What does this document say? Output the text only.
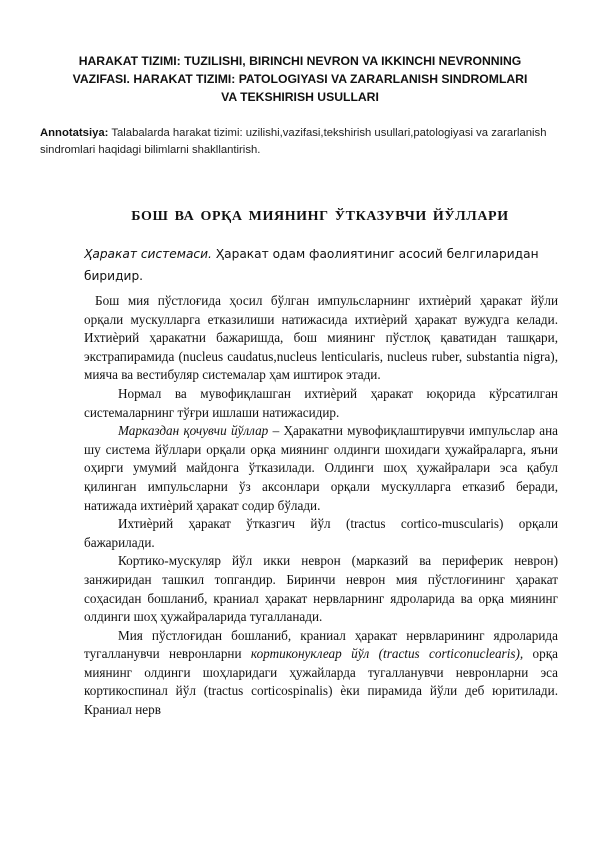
HARAKAT TIZIMI: TUZILISHI, BIRINCHI NEVRON VA IKKINCHI NEVRONNING
VAZIFASI. HARAKAT TIZIMI: PATOLOGIYASI VA ZARARLANISH SINDROMLARI
VA TEKSHIRISH USULLARI
Annotatsiya: Talabalarda harakat tizimi: uzilishi,vazifasi,tekshirish usullari,patologiyasi va zararlanish sindromlari haqidagi bilimlarni shakllantirish.
БОШ ВА ОРҚА МИЯНИНГ ЎТКАЗУВЧИ ЙЎЛЛАРИ
Ҳаракат системаси. Ҳаракат одам фаолиятиниг асосий белгиларидан биридир.

Бош мия пўстлоғида ҳосил бўлган импульсларнинг ихтиѐрий ҳаракат йўли орқали мускулларга етказилиши натижасида ихтиѐрий ҳаракат вужудга келади. Ихтиѐрий ҳаракатни бажаришда, бош миянинг пўстлоқ қаватидан ташқари, экстрапирамида (nucleus caudatus,nucleus lenticularis, nucleus ruber, substantia nigra), мияча ва вестибуляр системалар ҳам иштирок этади.

Нормал ва мувофиқлашган ихтиѐрий ҳаракат юқорида кўрсатилган системаларнинг тўғри ишлаши натижасидир.

Марказдан қочувчи йўллар – Ҳаракатни мувофиқлаштирувчи импульслар ана шу система йўллари орқали орқа миянинг олдинги шохидаги ҳужайраларга, яъни оҳирги умумий майдонга ўтказилади. Олдинги шоҳ ҳужайралари эса қабул қилинган импульсларни ўз аксонлари орқали мускулларга етказиб беради, натижада ихтиѐрий ҳаракат содир бўлади.

Ихтиѐрий ҳаракат ўтказгич йўл (tractus cortico-muscularis) орқали бажарилади.

Кортико-мускуляр йўл икки неврон (марказий ва периферик неврон) занжиридан ташкил топгандир. Биринчи неврон мия пўстлоғининг ҳаракат соҳасидан бошланиб, краниал ҳаракат нервларнинг ядроларида ва орқа миянинг олдинги шоҳ ҳужайраларида тугалланади.

Мия пўстлоғидан бошланиб, краниал ҳаракат нервларининг ядроларида тугалланувчи невронларни кортиконуклеар йўл (tractus corticonuclearis), орқа миянинг олдинги шоҳларидаги ҳужайларда тугалланувчи невронларни эса кортикоспинал йўл (tractus corticospinalis) ѐки пирамида йўли деб юритилади. Краниал нерв
